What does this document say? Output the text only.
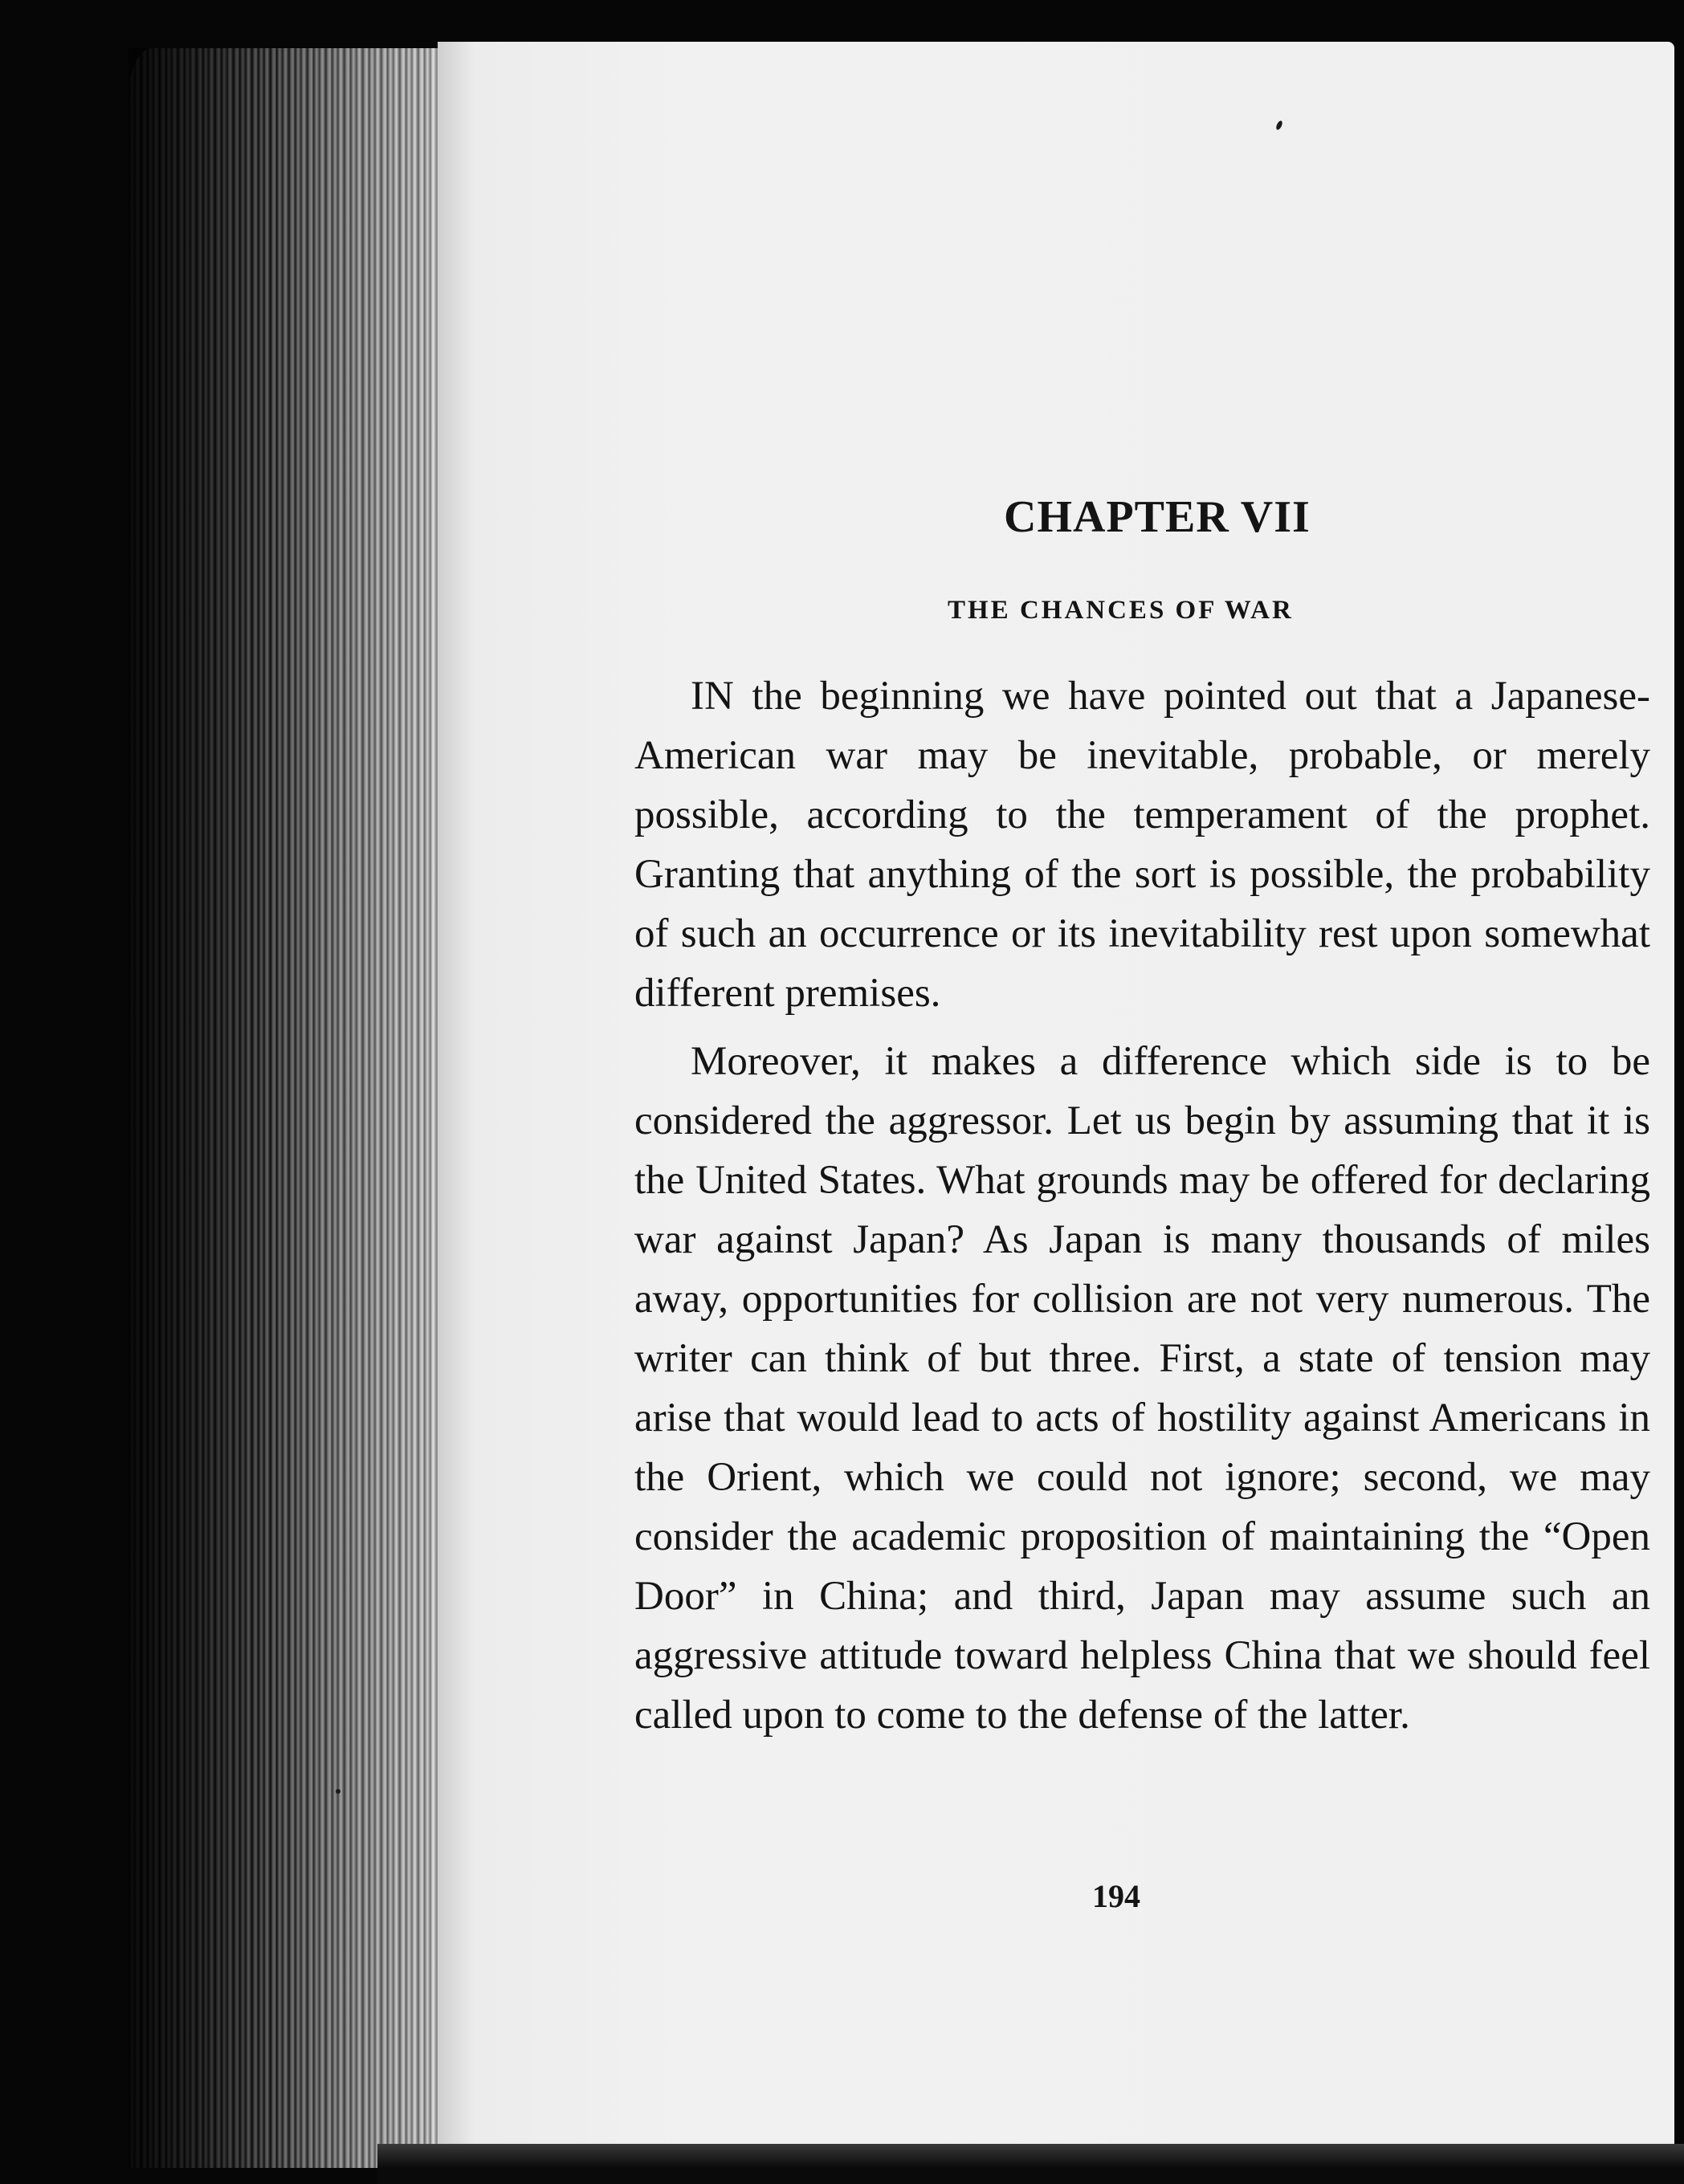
CHAPTER VII
THE CHANCES OF WAR

IN the beginning we have pointed out that a Japanese-American war may be inevitable, probable, or merely possible, according to the temperament of the prophet. Granting that anything of the sort is possible, the probability of such an occurrence or its inevitability rest upon somewhat different premises.

Moreover, it makes a difference which side is to be considered the aggressor. Let us begin by assuming that it is the United States. What grounds may be offered for declaring war against Japan? As Japan is many thousands of miles away, opportunities for collision are not very numerous. The writer can think of but three. First, a state of tension may arise that would lead to acts of hostility against Americans in the Orient, which we could not ignore; second, we may consider the academic proposition of maintaining the “Open Door” in China; and third, Japan may assume such an aggressive attitude toward helpless China that we should feel called upon to come to the defense of the latter.

194
